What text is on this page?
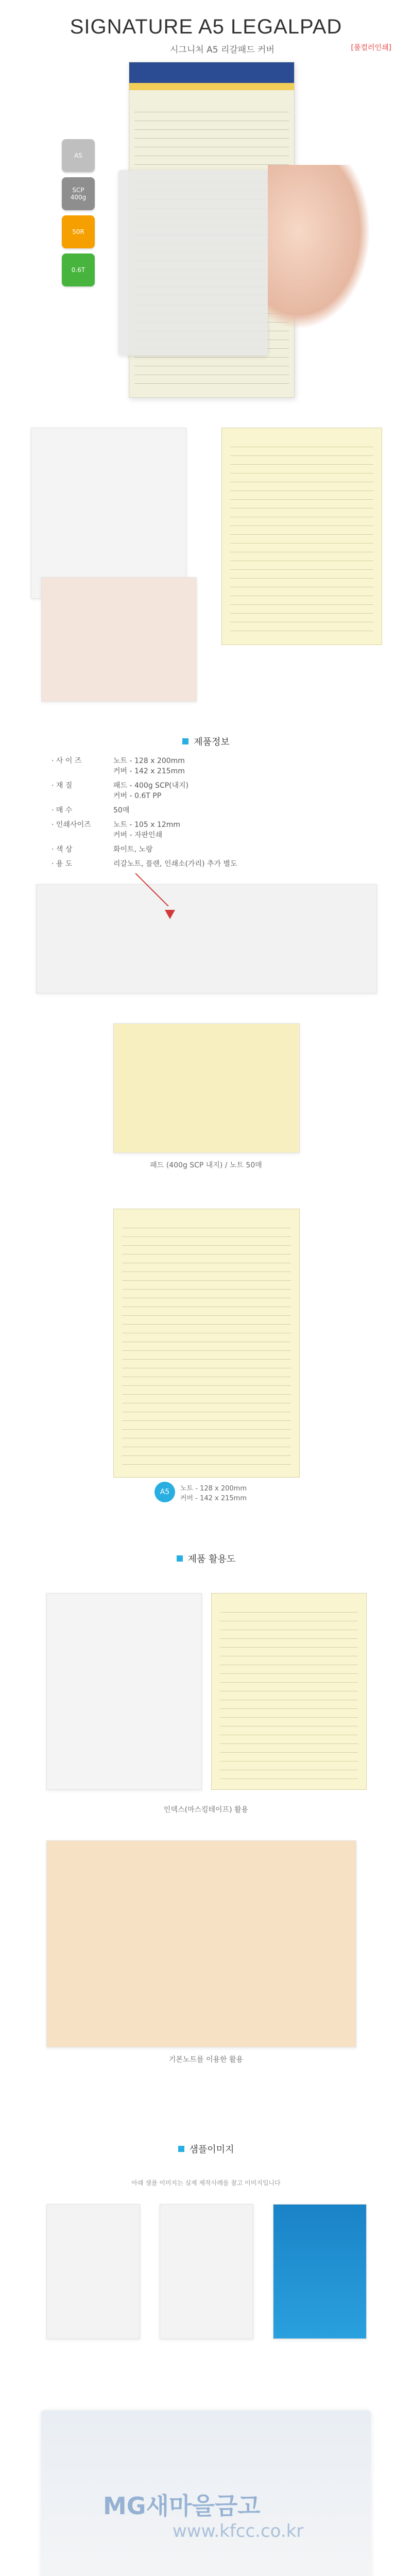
SIGNATURE A5 LEGALPAD
시그니처 A5 리갈패드 커버	[풀컬러인쇄]
A5
SCP
400g
50R
0.6T
제품정보
· 사 이 즈	노트 - 128 x 200mm
커버 - 142 x 215mm
· 재 질	패드 - 400g SCP(내지)
커버 - 0.6T PP
· 매 수	50매
· 인쇄사이즈	노트 - 105 x 12mm
커버 - 자판인쇄
· 색 상	화이트, 노랑
· 용 도	리갈노트, 플랜, 인쇄소(가리) 추가 별도
패드 (400g SCP 내지) / 노트 50매
A5	노트 - 128 x 200mm
커버 - 142 x 215mm
제품 활용도
인덱스(마스킹테이프) 활용
기본노트를 이용한 활용
샘플이미지
아래 샘플 이미지는 실제 제작사례를 참고 이미지입니다
MG새마을금고
www.kfcc.co.kr
